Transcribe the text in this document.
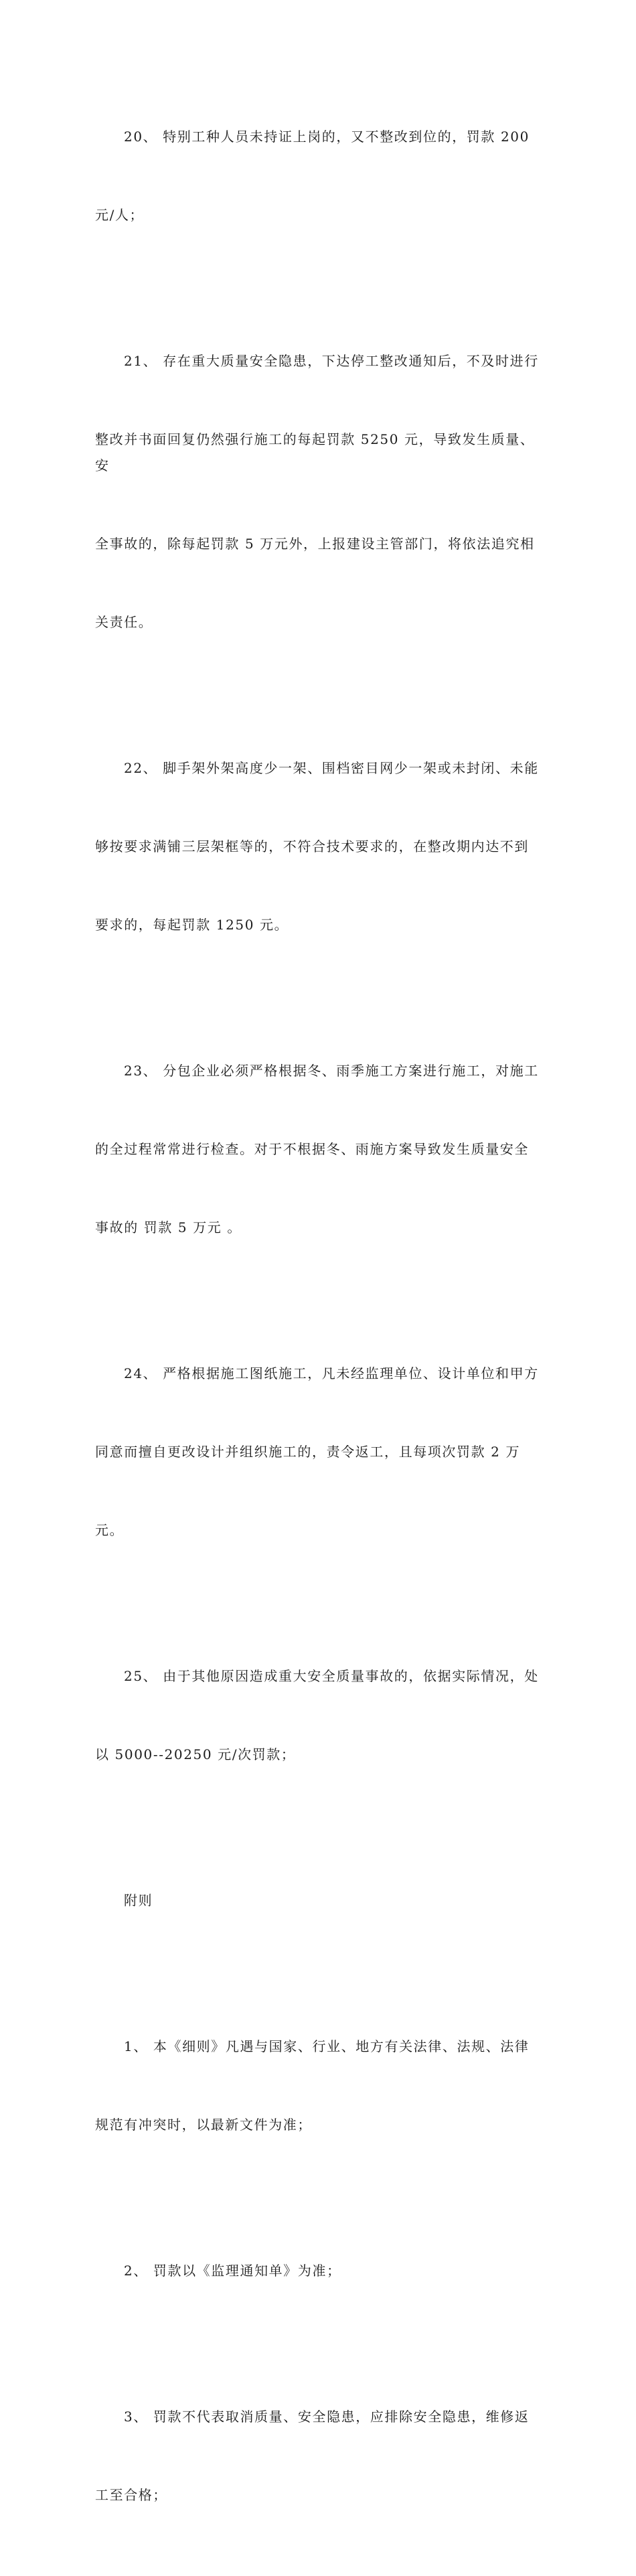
20、 特别工种人员未持证上岗的，又不整改到位的，罚款 200

元/人；

21、 存在重大质量安全隐患，下达停工整改通知后，不及时进行

整改并书面回复仍然强行施工的每起罚款 5250 元，导致发生质量、安

全事故的，除每起罚款 5 万元外，上报建设主管部门，将依法追究相

关责任。

22、 脚手架外架高度少一架、围档密目网少一架或未封闭、未能

够按要求满铺三层架框等的，不符合技术要求的，在整改期内达不到

要求的，每起罚款 1250 元。

23、 分包企业必须严格根据冬、雨季施工方案进行施工，对施工

的全过程常常进行检查。对于不根据冬、雨施方案导致发生质量安全

事故的 罚款 5 万元 。

24、 严格根据施工图纸施工，凡未经监理单位、设计单位和甲方

同意而擅自更改设计并组织施工的，责令返工，且每项次罚款 2 万

元。

25、 由于其他原因造成重大安全质量事故的，依据实际情况，处

以 5000--20250 元/次罚款；

附则

1、 本《细则》凡遇与国家、行业、地方有关法律、法规、法律

规范有冲突时，以最新文件为准；

2、 罚款以《监理通知单》为准；

3、 罚款不代表取消质量、安全隐患，应排除安全隐患，维修返

工至合格；
